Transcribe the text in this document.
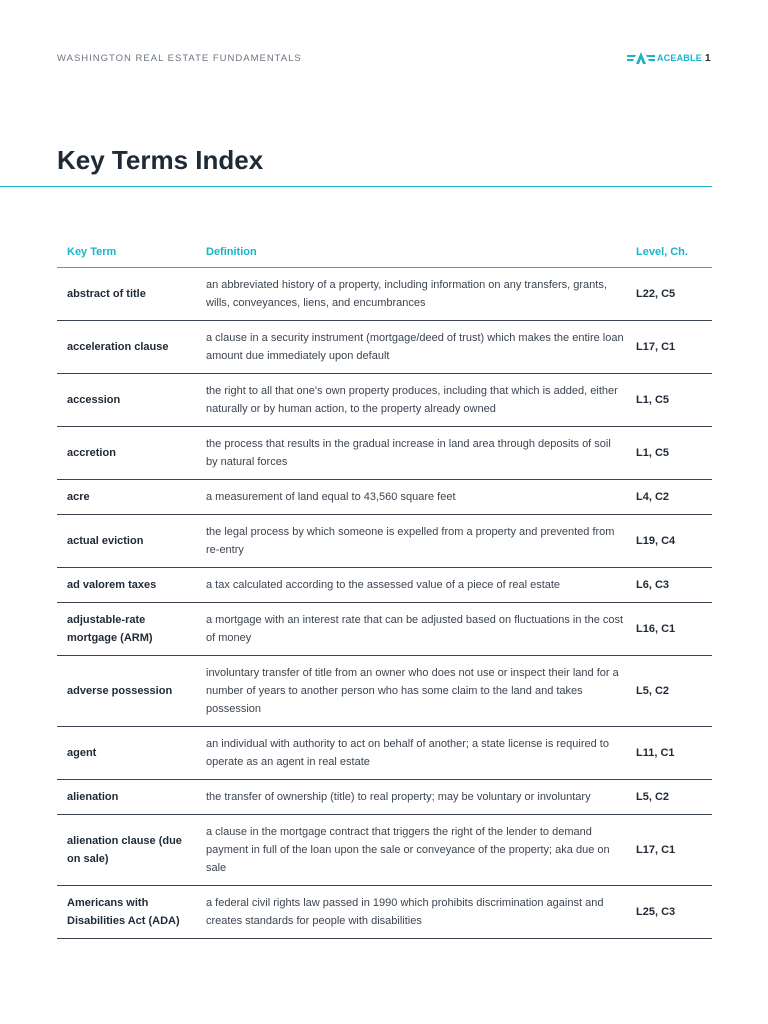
WASHINGTON REAL ESTATE FUNDAMENTALS	ACEABLE 1
Key Terms Index
Key Term	Definition	Level, Ch.
abstract of title	an abbreviated history of a property, including information on any transfers, grants, wills, conveyances, liens, and encumbrances	L22, C5
acceleration clause	a clause in a security instrument (mortgage/deed of trust) which makes the entire loan amount due immediately upon default	L17, C1
accession	the right to all that one's own property produces, including that which is added, either naturally or by human action, to the property already owned	L1, C5
accretion	the process that results in the gradual increase in land area through deposits of soil by natural forces	L1, C5
acre	a measurement of land equal to 43,560 square feet	L4, C2
actual eviction	the legal process by which someone is expelled from a property and prevented from re-entry	L19, C4
ad valorem taxes	a tax calculated according to the assessed value of a piece of real estate	L6, C3
adjustable-rate mortgage (ARM)	a mortgage with an interest rate that can be adjusted based on fluctuations in the cost of money	L16, C1
adverse possession	involuntary transfer of title from an owner who does not use or inspect their land for a number of years to another person who has some claim to the land and takes possession	L5, C2
agent	an individual with authority to act on behalf of another; a state license is required to operate as an agent in real estate	L11, C1
alienation	the transfer of ownership (title) to real property; may be voluntary or involuntary	L5, C2
alienation clause (due on sale)	a clause in the mortgage contract that triggers the right of the lender to demand payment in full of the loan upon the sale or conveyance of the property; aka due on sale	L17, C1
Americans with Disabilities Act (ADA)	a federal civil rights law passed in 1990 which prohibits discrimination against and creates standards for people with disabilities	L25, C3
